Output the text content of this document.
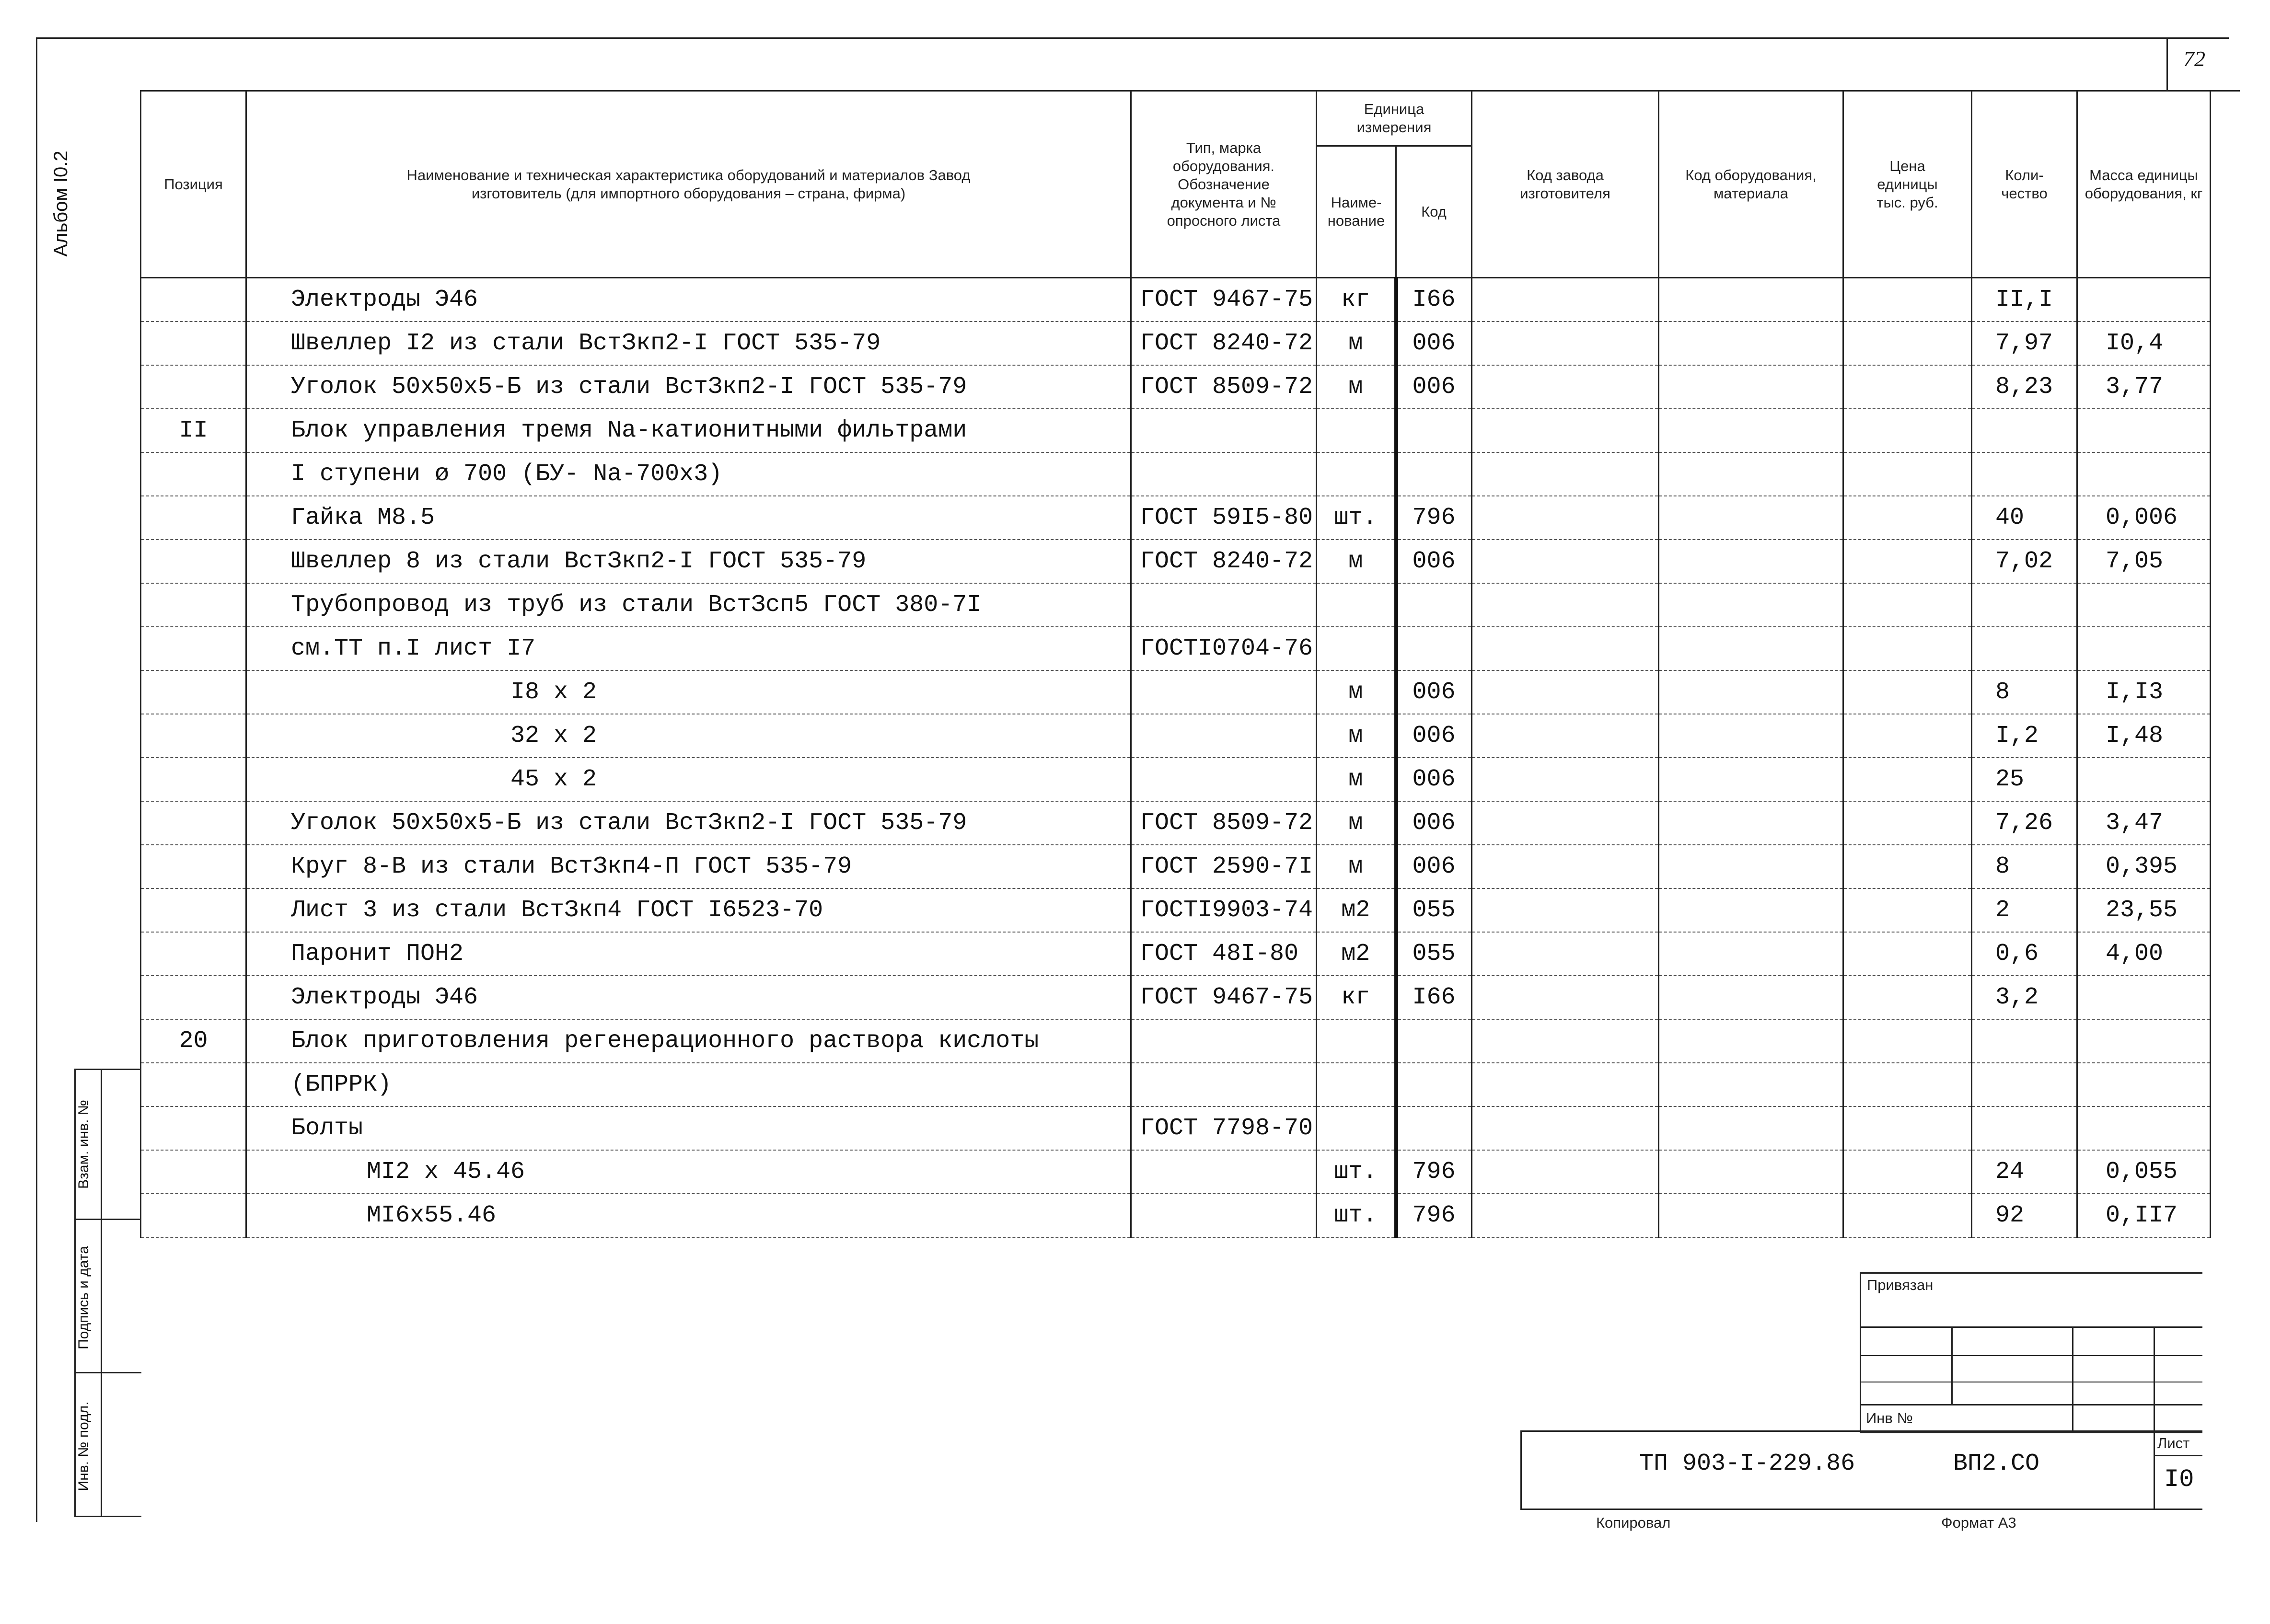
72
Альбом I0.2
Взам. инв. №
Подпись и дата
Инв. № подл.
Позиция	Наименование и техническая характеристика оборудований и материалов Завод изготовитель (для импортного оборудования – страна, фирма)	Тип, марка оборудования. Обозначение документа и № опросного листа	Единица измерения		Код завода изготовителя	Код оборудования, материала	Цена единицы тыс. руб.	Коли-чество	Масса единицы оборудования, кг
			Наиме-нование	Код					
	Электроды Э46	ГОСТ 9467-75	кг	I66				II,I	
	Швеллер I2 из стали ВстЗкп2-I ГОСТ 535-79	ГОСТ 8240-72	м	006				7,97	I0,4
	Уголок 50х50х5-Б из стали ВстЗкп2-I ГОСТ 535-79	ГОСТ 8509-72	м	006				8,23	3,77
II	Блок управления тремя Na-катионитными фильтрами								
	I ступени ø 700 (БУ- Na-700х3)								
	Гайка М8.5	ГОСТ 59I5-80	шт.	796				40	0,006
	Швеллер 8 из стали ВстЗкп2-I ГОСТ 535-79	ГОСТ 8240-72	м	006				7,02	7,05
	Трубопровод из труб из стали ВстЗсп5 ГОСТ 380-7I								
	см.ТТ п.I лист I7	ГОСТI0704-76							
	I8 х 2		м	006				8	I,I3
	32 х 2		м	006				I,2	I,48
	45 х 2		м	006				25	
	Уголок 50х50х5-Б из стали ВстЗкп2-I ГОСТ 535-79	ГОСТ 8509-72	м	006				7,26	3,47
	Круг 8-В из стали ВстЗкп4-П ГОСТ 535-79	ГОСТ 2590-7I	м	006				8	0,395
	Лист 3 из стали ВстЗкп4 ГОСТ I6523-70	ГОСТI9903-74	м2	055				2	23,55
	Паронит ПОН2	ГОСТ 48I-80	м2	055				0,6	4,00
	Электроды Э46	ГОСТ 9467-75	кг	I66				3,2	
20	Блок приготовления регенерационного раствора кислоты								
	(БПРРК)								
	Болты	ГОСТ 7798-70							
	МI2 х 45.46		шт.	796				24	0,055
	МI6х55.46		шт.	796				92	0,II7
Привязан
Инв №
ТП 903-I-229.86	ВП2.СО
Лист
I0
Копировал	Формат А3
